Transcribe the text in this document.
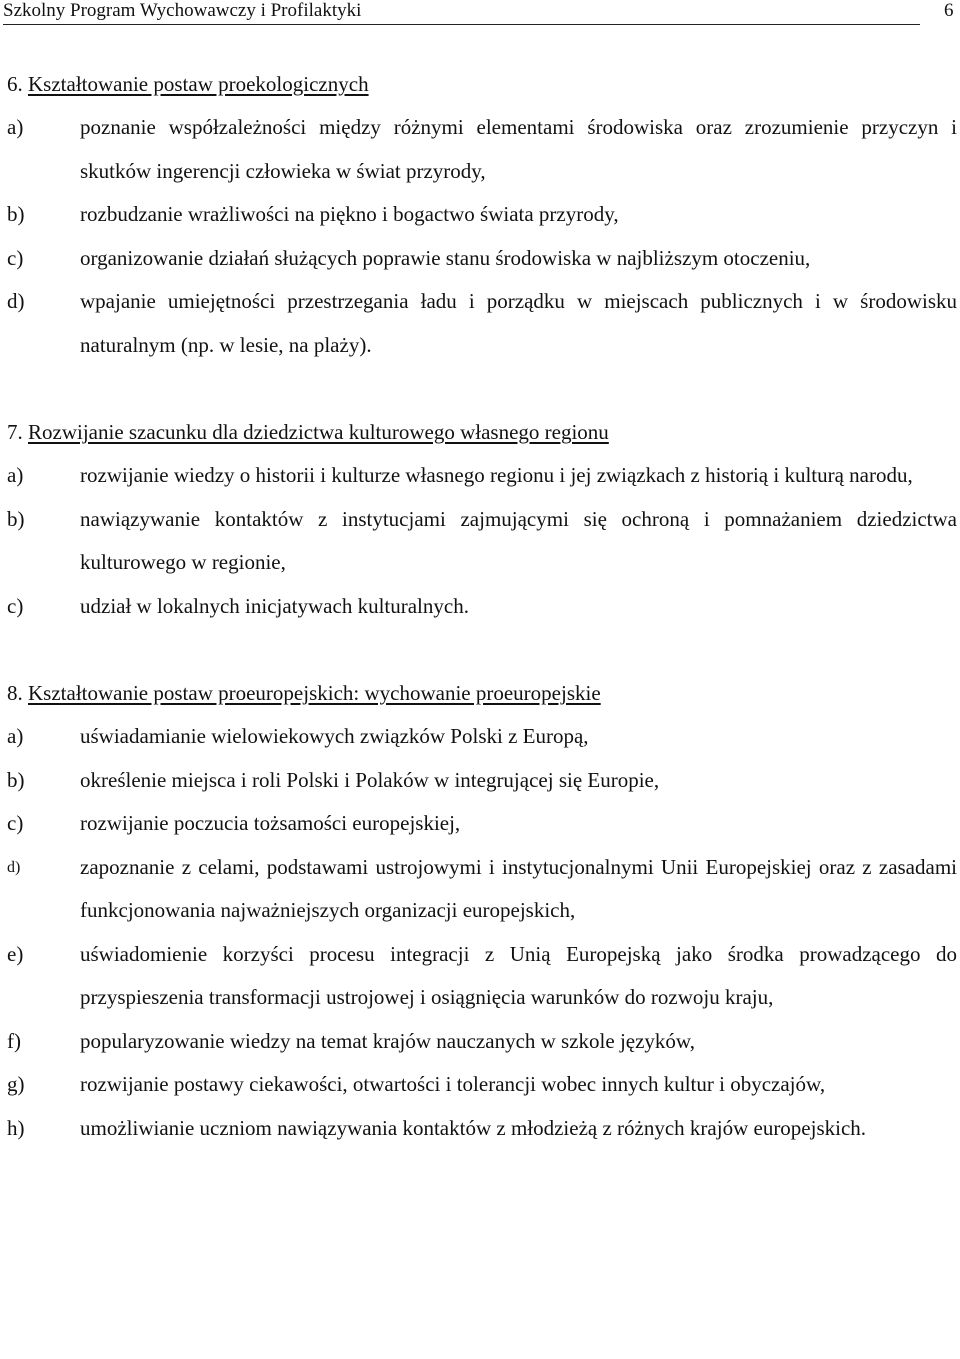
Szkolny Program Wychowawczy i Profilaktyki	6
6. Kształtowanie postaw proekologicznych
a)	poznanie współzależności między różnymi elementami środowiska oraz zrozumienie przyczyn i skutków ingerencji człowieka w świat przyrody,
b)	rozbudzanie wrażliwości na piękno i bogactwo świata przyrody,
c)	organizowanie działań służących poprawie stanu środowiska w najbliższym otoczeniu,
d)	wpajanie umiejętności przestrzegania ładu i porządku w miejscach publicznych i w środowisku naturalnym (np. w lesie, na plaży).
7. Rozwijanie szacunku dla dziedzictwa kulturowego własnego regionu
a)	rozwijanie wiedzy o historii i kulturze własnego regionu i jej związkach z historią i kulturą narodu,
b)	nawiązywanie kontaktów z instytucjami zajmującymi się ochroną i pomnażaniem dziedzictwa kulturowego w regionie,
c)	udział w lokalnych inicjatywach kulturalnych.
8. Kształtowanie postaw proeuropejskich: wychowanie proeuropejskie
a)	uświadamianie wielowiekowych związków Polski z Europą,
b)	określenie miejsca i roli Polski i Polaków w integrującej się Europie,
c)	rozwijanie poczucia tożsamości europejskiej,
d)	zapoznanie z celami, podstawami ustrojowymi i instytucjonalnymi Unii Europejskiej oraz z zasadami funkcjonowania najważniejszych organizacji europejskich,
e)	uświadomienie korzyści procesu integracji z Unią Europejską jako środka prowadzącego do przyspieszenia transformacji ustrojowej i osiągnięcia warunków do rozwoju kraju,
f)	popularyzowanie wiedzy na temat krajów nauczanych w szkole języków,
g)	rozwijanie postawy ciekawości, otwartości i tolerancji wobec innych kultur i obyczajów,
h)	umożliwianie uczniom nawiązywania kontaktów z młodzieżą z różnych krajów europejskich.
